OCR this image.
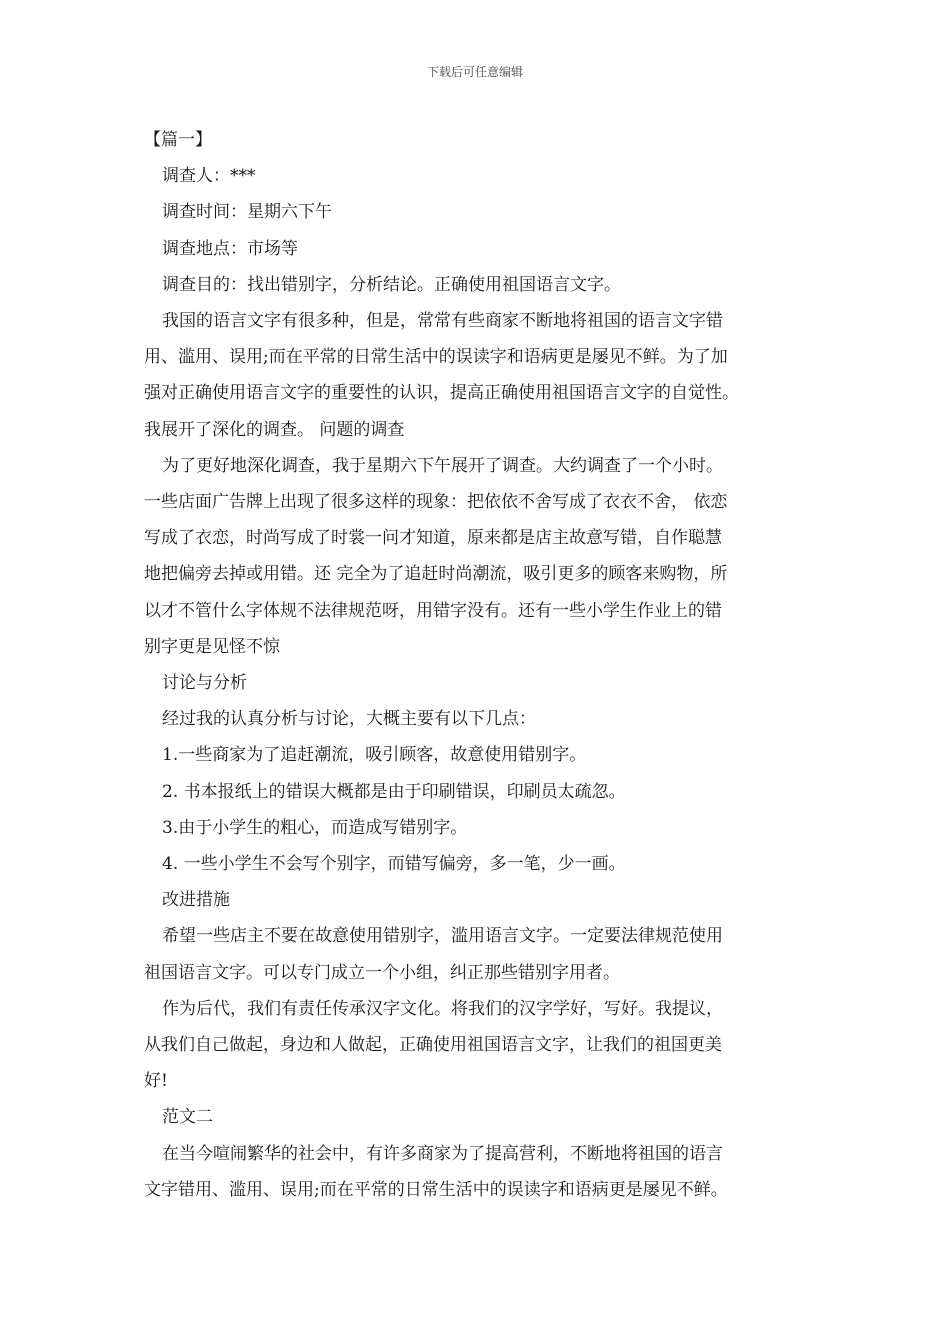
下载后可任意编辑
【篇一】
调查人：***
调查时间：星期六下午
调查地点：市场等
调查目的：找出错别字，分析结论。正确使用祖国语言文字。
我国的语言文字有很多种，但是，常常有些商家不断地将祖国的语言文字错
用、滥用、误用;而在平常的日常生活中的误读字和语病更是屡见不鲜。为了加
强对正确使用语言文字的重要性的认识，提高正确使用祖国语言文字的自觉性。
我展开了深化的调查。 问题的调查
为了更好地深化调查，我于星期六下午展开了调查。大约调查了一个小时。
一些店面广告牌上出现了很多这样的现象：把依依不舍写成了衣衣不舍， 依恋
写成了衣恋，时尚写成了时裳一问才知道，原来都是店主故意写错，自作聪慧
地把偏旁去掉或用错。还 完全为了追赶时尚潮流，吸引更多的顾客来购物，所
以才不管什么字体规不法律规范呀，用错字没有。还有一些小学生作业上的错
别字更是见怪不惊
讨论与分析
经过我的认真分析与讨论，大概主要有以下几点：
1.一些商家为了追赶潮流，吸引顾客，故意使用错别字。
2. 书本报纸上的错误大概都是由于印刷错误，印刷员太疏忽。
3.由于小学生的粗心，而造成写错别字。
4. 一些小学生不会写个别字，而错写偏旁，多一笔，少一画。
改进措施
希望一些店主不要在故意使用错别字，滥用语言文字。一定要法律规范使用
祖国语言文字。可以专门成立一个小组，纠正那些错别字用者。
作为后代，我们有责任传承汉字文化。将我们的汉字学好，写好。我提议，
从我们自己做起，身边和人做起，正确使用祖国语言文字，让我们的祖国更美
好!
范文二
在当今喧闹繁华的社会中，有许多商家为了提高营利，不断地将祖国的语言
文字错用、滥用、误用;而在平常的日常生活中的误读字和语病更是屡见不鲜。
